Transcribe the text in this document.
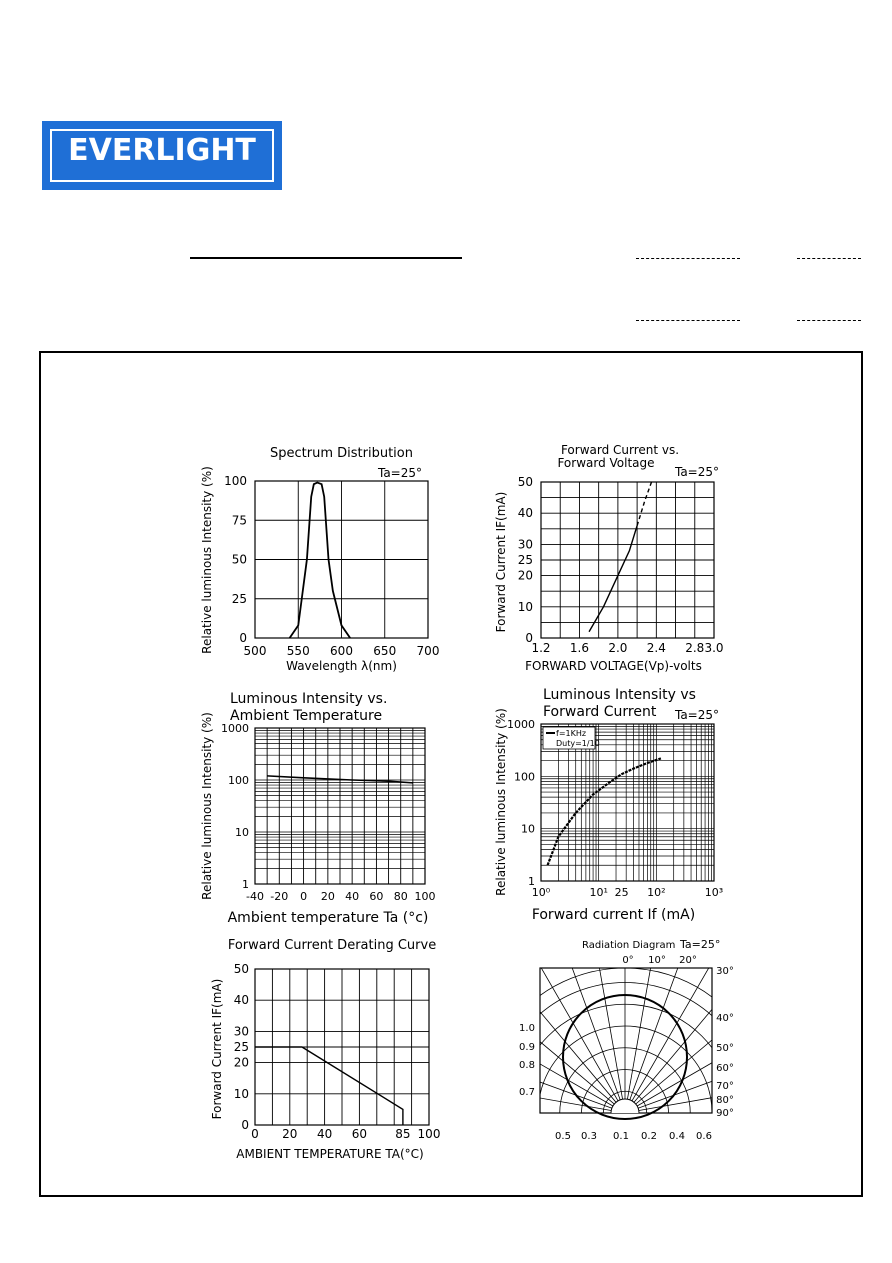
EVERLIGHT
Spectrum Distribution
Ta=25°
500 550 600 650 700
0
25
50
75
100
Wavelength λ(nm)
Relative luminous Intensity (%)
Forward Current vs.
Forward Voltage
Ta=25°
1.2 1.6 2.0 2.4 2.8 3.0
0
10
20
25
30
40
50
FORWARD VOLTAGE(Vp)-volts
Forward Current IF(mA)
Luminous Intensity vs.
Ambient Temperature
-40 -20 0 20 40 60 80 100
1
10
100
1000
Ambient temperature Ta (°c)
Relative luminous Intensity (%)	f=1KHz
Duty=1/10
Luminous Intensity vs
Forward Current Ta=25°
10⁰	10¹ 25 10²	10³
1
10
100
1000
Forward current If (mA)
Relative luminous Intensity (%)
Forward Current Derating Curve
0 20 40 60 85 100
0
10
20
25
30
40
50
AMBIENT TEMPERATURE TA(°C)
Forward Current IF(mA)
Radiation Diagram Ta=25°
0° 10° 20°
30°
40°
50°
60°
70°
80°
90°
1.0
0.9
0.8
0.7
0.5 0.3 0.1 0.2 0.4 0.6
